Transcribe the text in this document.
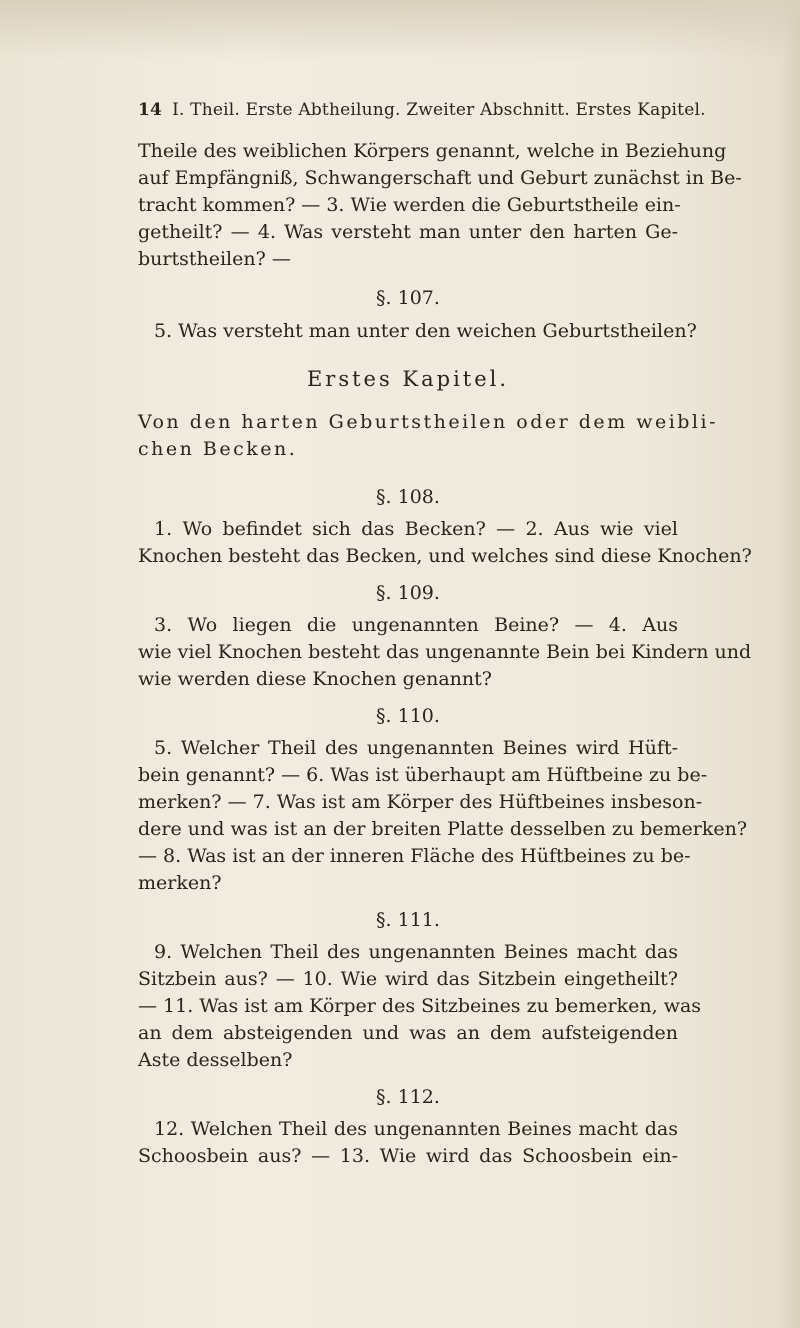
14 I. Theil. Erste Abtheilung. Zweiter Abschnitt. Erstes Kapitel.
Theile des weiblichen Körpers genannt, welche in Beziehung
auf Empfängniß, Schwangerschaft und Geburt zunächst in Be-
tracht kommen? — 3. Wie werden die Geburtstheile ein-
getheilt? — 4. Was versteht man unter den harten Ge-
burtstheilen? —
§. 107.
5. Was versteht man unter den weichen Geburtstheilen?
Erstes Kapitel.
Von den harten Geburtstheilen oder dem weibli-
chen Becken.
§. 108.
1. Wo befindet sich das Becken? — 2. Aus wie viel
Knochen besteht das Becken, und welches sind diese Knochen?
§. 109.
3. Wo liegen die ungenannten Beine? — 4. Aus
wie viel Knochen besteht das ungenannte Bein bei Kindern und
wie werden diese Knochen genannt?
§. 110.
5. Welcher Theil des ungenannten Beines wird Hüft-
bein genannt? — 6. Was ist überhaupt am Hüftbeine zu be-
merken? — 7. Was ist am Körper des Hüftbeines insbeson-
dere und was ist an der breiten Platte desselben zu bemerken?
— 8. Was ist an der inneren Fläche des Hüftbeines zu be-
merken?
§. 111.
9. Welchen Theil des ungenannten Beines macht das
Sitzbein aus? — 10. Wie wird das Sitzbein eingetheilt?
— 11. Was ist am Körper des Sitzbeines zu bemerken, was
an dem absteigenden und was an dem aufsteigenden
Aste desselben?
§. 112.
12. Welchen Theil des ungenannten Beines macht das
Schoosbein aus? — 13. Wie wird das Schoosbein ein-
